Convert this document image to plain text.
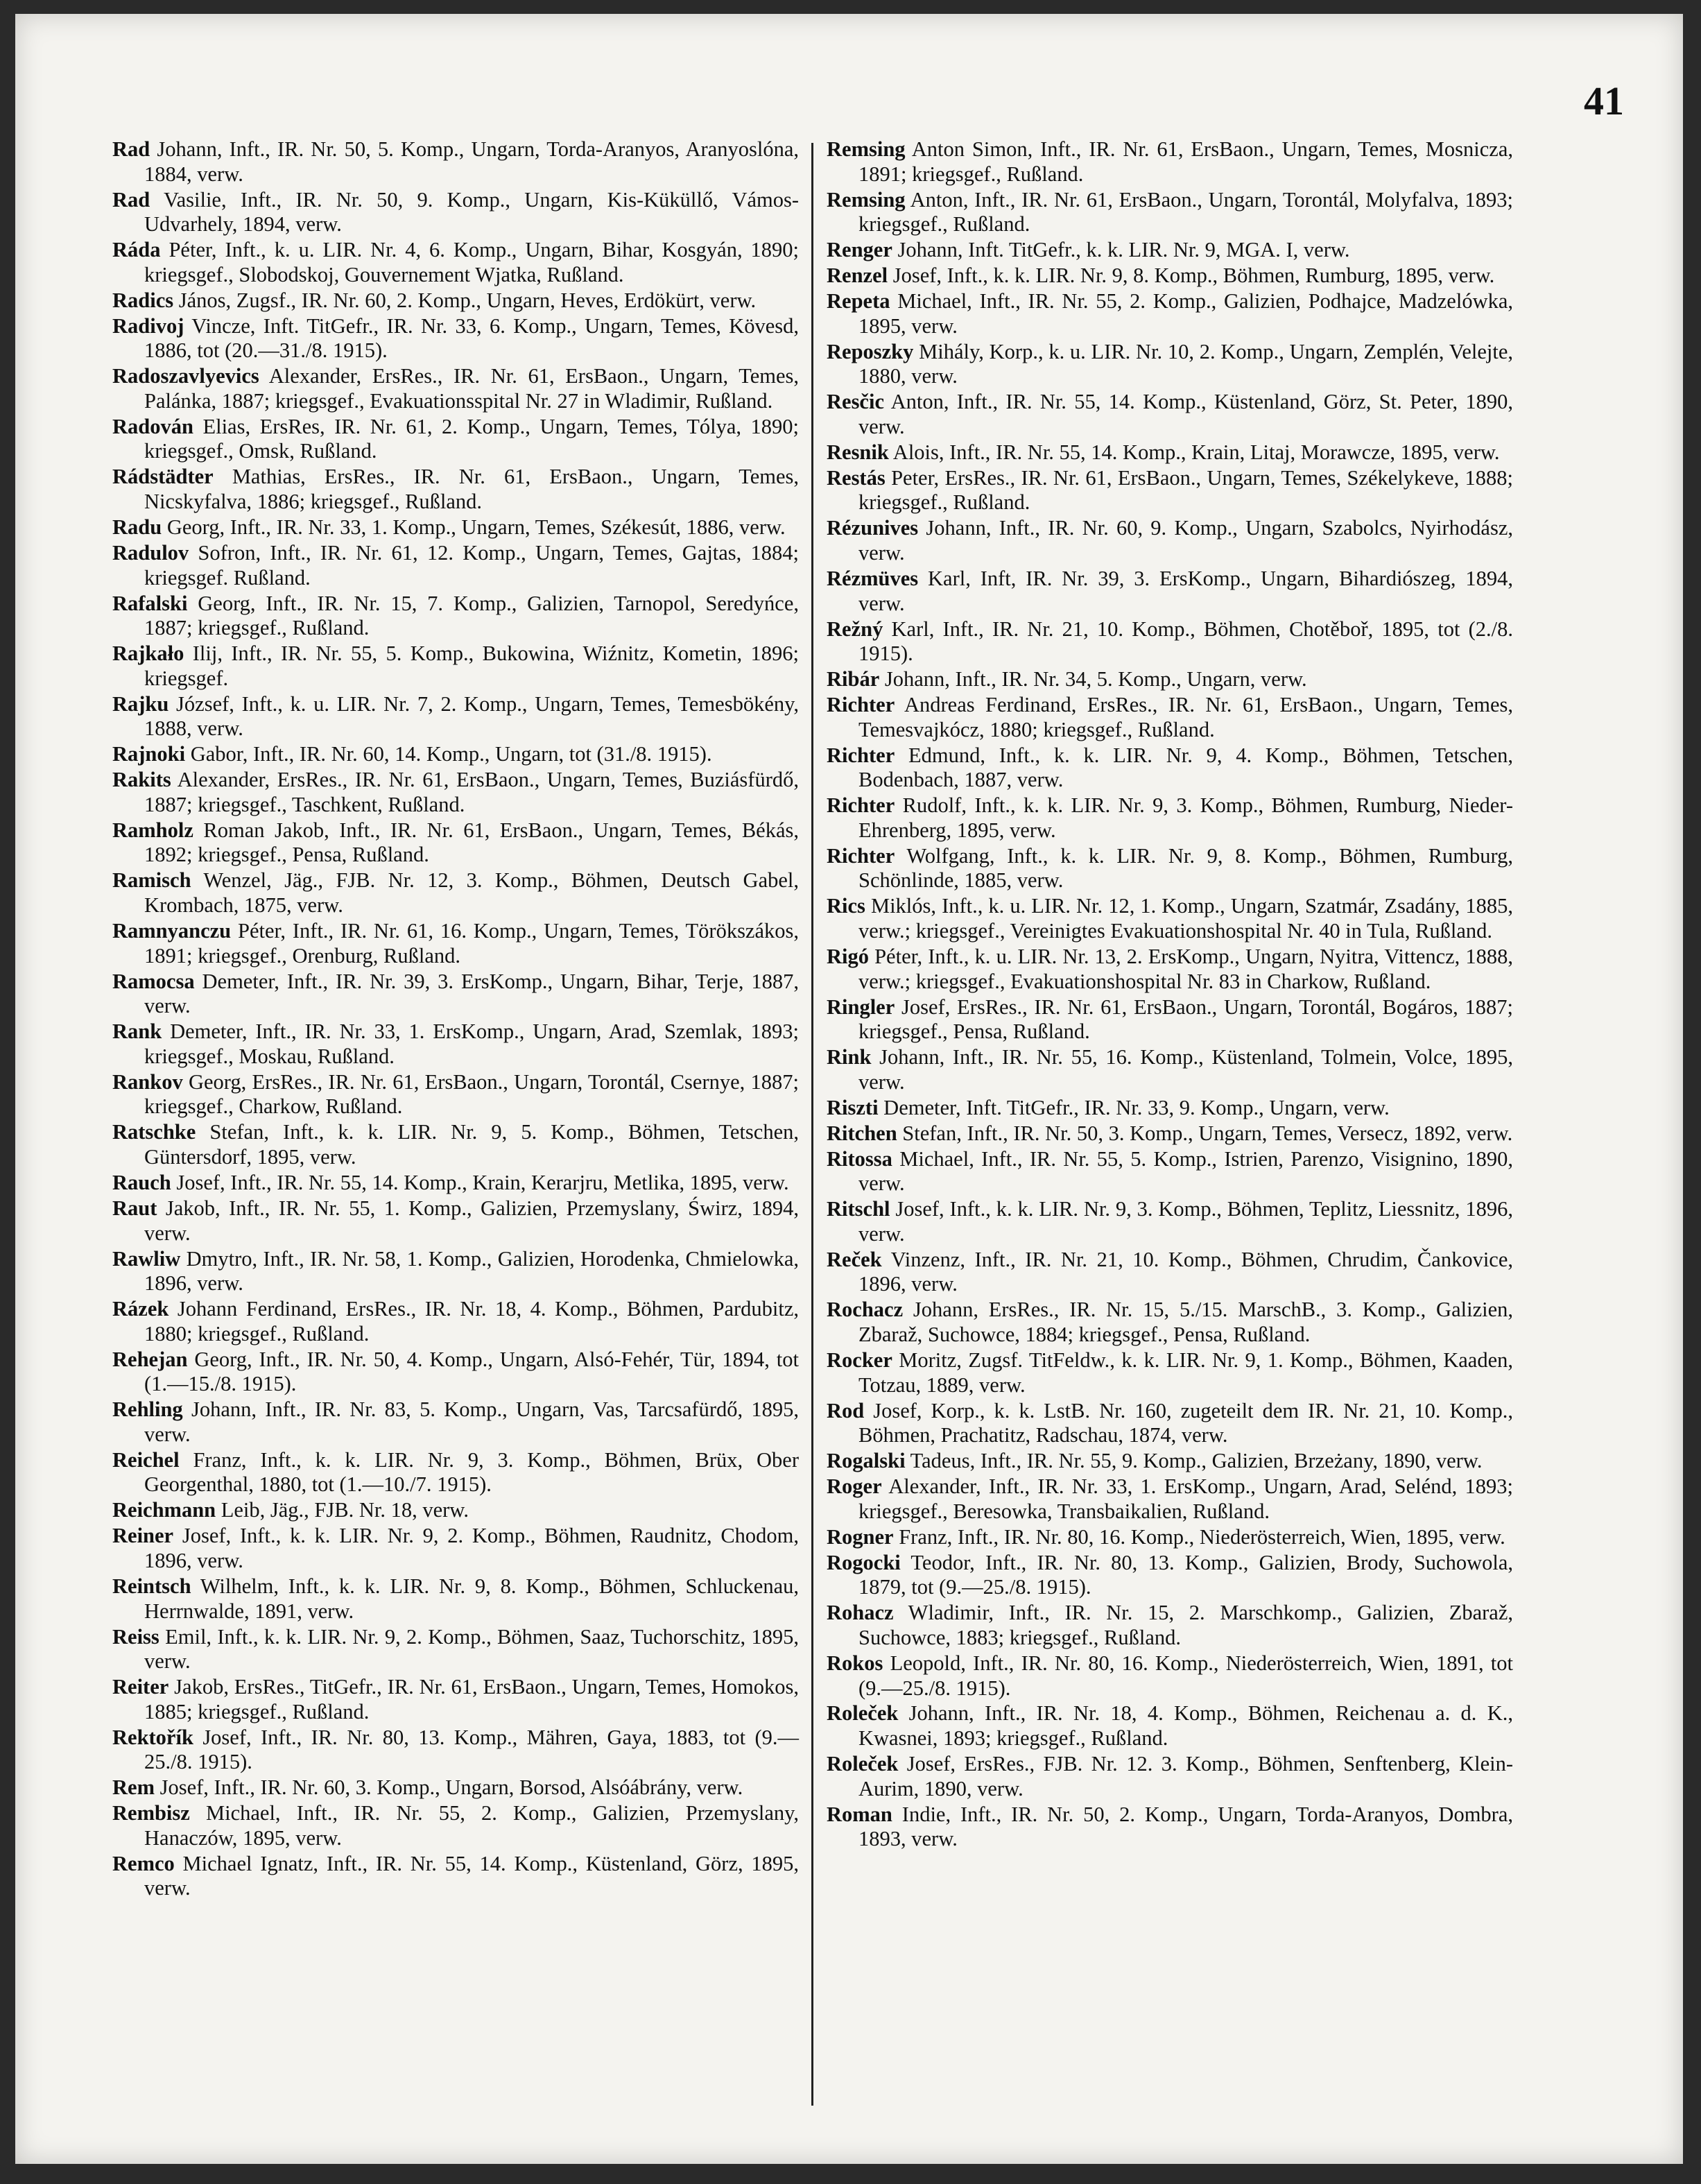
41

Rad Johann, Inft., IR. Nr. 50, 5. Komp., Ungarn, Torda-Aranyos, Aranyoslóna, 1884, verw.

Rad Vasilie, Inft., IR. Nr. 50, 9. Komp., Ungarn, Kis-Küküllő, Vámos-Udvarhely, 1894, verw.

Ráda Péter, Inft., k. u. LIR. Nr. 4, 6. Komp., Ungarn, Bihar, Kosgyán, 1890; kriegsgef., Slobodskoj, Gouvernement Wjatka, Rußland.

Radics János, Zugsf., IR. Nr. 60, 2. Komp., Ungarn, Heves, Erdökürt, verw.

Radivoj Vincze, Inft. TitGefr., IR. Nr. 33, 6. Komp., Ungarn, Temes, Kövesd, 1886, tot (20.—31./8. 1915).

Radoszavlyevics Alexander, ErsRes., IR. Nr. 61, ErsBaon., Ungarn, Temes, Palánka, 1887; kriegsgef., Evakuationsspital Nr. 27 in Wladimir, Rußland.

Radován Elias, ErsRes, IR. Nr. 61, 2. Komp., Ungarn, Temes, Tólya, 1890; kriegsgef., Omsk, Rußland.

Rádstädter Mathias, ErsRes., IR. Nr. 61, ErsBaon., Ungarn, Temes, Nicskyfalva, 1886; kriegsgef., Rußland.

Radu Georg, Inft., IR. Nr. 33, 1. Komp., Ungarn, Temes, Székesút, 1886, verw.

Radulov Sofron, Inft., IR. Nr. 61, 12. Komp., Ungarn, Temes, Gajtas, 1884; kriegsgef. Rußland.

Rafalski Georg, Inft., IR. Nr. 15, 7. Komp., Galizien, Tarnopol, Seredyńce, 1887; kriegsgef., Rußland.

Rajkało Ilij, Inft., IR. Nr. 55, 5. Komp., Bukowina, Wiźnitz, Kometin, 1896; kriegsgef.

Rajku József, Inft., k. u. LIR. Nr. 7, 2. Komp., Ungarn, Temes, Temesbökény, 1888, verw.

Rajnoki Gabor, Inft., IR. Nr. 60, 14. Komp., Ungarn, tot (31./8. 1915).

Rakits Alexander, ErsRes., IR. Nr. 61, ErsBaon., Ungarn, Temes, Buziásfürdő, 1887; kriegsgef., Taschkent, Rußland.

Ramholz Roman Jakob, Inft., IR. Nr. 61, ErsBaon., Ungarn, Temes, Békás, 1892; kriegsgef., Pensa, Rußland.

Ramisch Wenzel, Jäg., FJB. Nr. 12, 3. Komp., Böhmen, Deutsch Gabel, Krombach, 1875, verw.

Ramnyanczu Péter, Inft., IR. Nr. 61, 16. Komp., Ungarn, Temes, Törökszákos, 1891; kriegsgef., Orenburg, Rußland.

Ramocsa Demeter, Inft., IR. Nr. 39, 3. ErsKomp., Ungarn, Bihar, Terje, 1887, verw.

Rank Demeter, Inft., IR. Nr. 33, 1. ErsKomp., Ungarn, Arad, Szemlak, 1893; kriegsgef., Moskau, Rußland.

Rankov Georg, ErsRes., IR. Nr. 61, ErsBaon., Ungarn, Torontál, Csernye, 1887; kriegsgef., Charkow, Rußland.

Ratschke Stefan, Inft., k. k. LIR. Nr. 9, 5. Komp., Böhmen, Tetschen, Güntersdorf, 1895, verw.

Rauch Josef, Inft., IR. Nr. 55, 14. Komp., Krain, Kerarjru, Metlika, 1895, verw.

Raut Jakob, Inft., IR. Nr. 55, 1. Komp., Galizien, Przemyslany, Świrz, 1894, verw.

Rawliw Dmytro, Inft., IR. Nr. 58, 1. Komp., Galizien, Horodenka, Chmielowka, 1896, verw.

Rázek Johann Ferdinand, ErsRes., IR. Nr. 18, 4. Komp., Böhmen, Pardubitz, 1880; kriegsgef., Rußland.

Rehejan Georg, Inft., IR. Nr. 50, 4. Komp., Ungarn, Alsó-Fehér, Tür, 1894, tot (1.—15./8. 1915).

Rehling Johann, Inft., IR. Nr. 83, 5. Komp., Ungarn, Vas, Tarcsafürdő, 1895, verw.

Reichel Franz, Inft., k. k. LIR. Nr. 9, 3. Komp., Böhmen, Brüx, Ober Georgenthal, 1880, tot (1.—10./7. 1915).

Reichmann Leib, Jäg., FJB. Nr. 18, verw.

Reiner Josef, Inft., k. k. LIR. Nr. 9, 2. Komp., Böhmen, Raudnitz, Chodom, 1896, verw.

Reintsch Wilhelm, Inft., k. k. LIR. Nr. 9, 8. Komp., Böhmen, Schluckenau, Herrnwalde, 1891, verw.

Reiss Emil, Inft., k. k. LIR. Nr. 9, 2. Komp., Böhmen, Saaz, Tuchorschitz, 1895, verw.

Reiter Jakob, ErsRes., TitGefr., IR. Nr. 61, ErsBaon., Ungarn, Temes, Homokos, 1885; kriegsgef., Rußland.

Rektořík Josef, Inft., IR. Nr. 80, 13. Komp., Mähren, Gaya, 1883, tot (9.—25./8. 1915).

Rem Josef, Inft., IR. Nr. 60, 3. Komp., Ungarn, Borsod, Alsóábrány, verw.

Rembisz Michael, Inft., IR. Nr. 55, 2. Komp., Galizien, Przemyslany, Hanaczów, 1895, verw.

Remco Michael Ignatz, Inft., IR. Nr. 55, 14. Komp., Küstenland, Görz, 1895, verw.

Remsing Anton Simon, Inft., IR. Nr. 61, ErsBaon., Ungarn, Temes, Mosnicza, 1891; kriegsgef., Rußland.

Remsing Anton, Inft., IR. Nr. 61, ErsBaon., Ungarn, Torontál, Molyfalva, 1893; kriegsgef., Rußland.

Renger Johann, Inft. TitGefr., k. k. LIR. Nr. 9, MGA. I, verw.

Renzel Josef, Inft., k. k. LIR. Nr. 9, 8. Komp., Böhmen, Rumburg, 1895, verw.

Repeta Michael, Inft., IR. Nr. 55, 2. Komp., Galizien, Podhajce, Madzelówka, 1895, verw.

Reposzky Mihály, Korp., k. u. LIR. Nr. 10, 2. Komp., Ungarn, Zemplén, Velejte, 1880, verw.

Resčic Anton, Inft., IR. Nr. 55, 14. Komp., Küstenland, Görz, St. Peter, 1890, verw.

Resnik Alois, Inft., IR. Nr. 55, 14. Komp., Krain, Litaj, Morawcze, 1895, verw.

Restás Peter, ErsRes., IR. Nr. 61, ErsBaon., Ungarn, Temes, Székelykeve, 1888; kriegsgef., Rußland.

Rézunives Johann, Inft., IR. Nr. 60, 9. Komp., Ungarn, Szabolcs, Nyirhodász, verw.

Rézmüves Karl, Inft, IR. Nr. 39, 3. ErsKomp., Ungarn, Bihardiószeg, 1894, verw.

Režný Karl, Inft., IR. Nr. 21, 10. Komp., Böhmen, Chotěboř, 1895, tot (2./8. 1915).

Ribár Johann, Inft., IR. Nr. 34, 5. Komp., Ungarn, verw.

Richter Andreas Ferdinand, ErsRes., IR. Nr. 61, ErsBaon., Ungarn, Temes, Temesvajkócz, 1880; kriegsgef., Rußland.

Richter Edmund, Inft., k. k. LIR. Nr. 9, 4. Komp., Böhmen, Tetschen, Bodenbach, 1887, verw.

Richter Rudolf, Inft., k. k. LIR. Nr. 9, 3. Komp., Böhmen, Rumburg, Nieder-Ehrenberg, 1895, verw.

Richter Wolfgang, Inft., k. k. LIR. Nr. 9, 8. Komp., Böhmen, Rumburg, Schönlinde, 1885, verw.

Rics Miklós, Inft., k. u. LIR. Nr. 12, 1. Komp., Ungarn, Szatmár, Zsadány, 1885, verw.; kriegsgef., Vereinigtes Evakuationshospital Nr. 40 in Tula, Rußland.

Rigó Péter, Inft., k. u. LIR. Nr. 13, 2. ErsKomp., Ungarn, Nyitra, Vittencz, 1888, verw.; kriegsgef., Evakuationshospital Nr. 83 in Charkow, Rußland.

Ringler Josef, ErsRes., IR. Nr. 61, ErsBaon., Ungarn, Torontál, Bogáros, 1887; kriegsgef., Pensa, Rußland.

Rink Johann, Inft., IR. Nr. 55, 16. Komp., Küstenland, Tolmein, Volce, 1895, verw.

Riszti Demeter, Inft. TitGefr., IR. Nr. 33, 9. Komp., Ungarn, verw.

Ritchen Stefan, Inft., IR. Nr. 50, 3. Komp., Ungarn, Temes, Versecz, 1892, verw.

Ritossa Michael, Inft., IR. Nr. 55, 5. Komp., Istrien, Parenzo, Visignino, 1890, verw.

Ritschl Josef, Inft., k. k. LIR. Nr. 9, 3. Komp., Böhmen, Teplitz, Liessnitz, 1896, verw.

Reček Vinzenz, Inft., IR. Nr. 21, 10. Komp., Böhmen, Chrudim, Čankovice, 1896, verw.

Rochacz Johann, ErsRes., IR. Nr. 15, 5./15. MarschB., 3. Komp., Galizien, Zbaraž, Suchowce, 1884; kriegsgef., Pensa, Rußland.

Rocker Moritz, Zugsf. TitFeldw., k. k. LIR. Nr. 9, 1. Komp., Böhmen, Kaaden, Totzau, 1889, verw.

Rod Josef, Korp., k. k. LstB. Nr. 160, zugeteilt dem IR. Nr. 21, 10. Komp., Böhmen, Prachatitz, Radschau, 1874, verw.

Rogalski Tadeus, Inft., IR. Nr. 55, 9. Komp., Galizien, Brzeżany, 1890, verw.

Roger Alexander, Inft., IR. Nr. 33, 1. ErsKomp., Ungarn, Arad, Selénd, 1893; kriegsgef., Beresowka, Transbaikalien, Rußland.

Rogner Franz, Inft., IR. Nr. 80, 16. Komp., Niederösterreich, Wien, 1895, verw.

Rogocki Teodor, Inft., IR. Nr. 80, 13. Komp., Galizien, Brody, Suchowola, 1879, tot (9.—25./8. 1915).

Rohacz Wladimir, Inft., IR. Nr. 15, 2. Marschkomp., Galizien, Zbaraž, Suchowce, 1883; kriegsgef., Rußland.

Rokos Leopold, Inft., IR. Nr. 80, 16. Komp., Niederösterreich, Wien, 1891, tot (9.—25./8. 1915).

Roleček Johann, Inft., IR. Nr. 18, 4. Komp., Böhmen, Reichenau a. d. K., Kwasnei, 1893; kriegsgef., Rußland.

Roleček Josef, ErsRes., FJB. Nr. 12. 3. Komp., Böhmen, Senftenberg, Klein-Aurim, 1890, verw.

Roman Indie, Inft., IR. Nr. 50, 2. Komp., Ungarn, Torda-Aranyos, Dombra, 1893, verw.
